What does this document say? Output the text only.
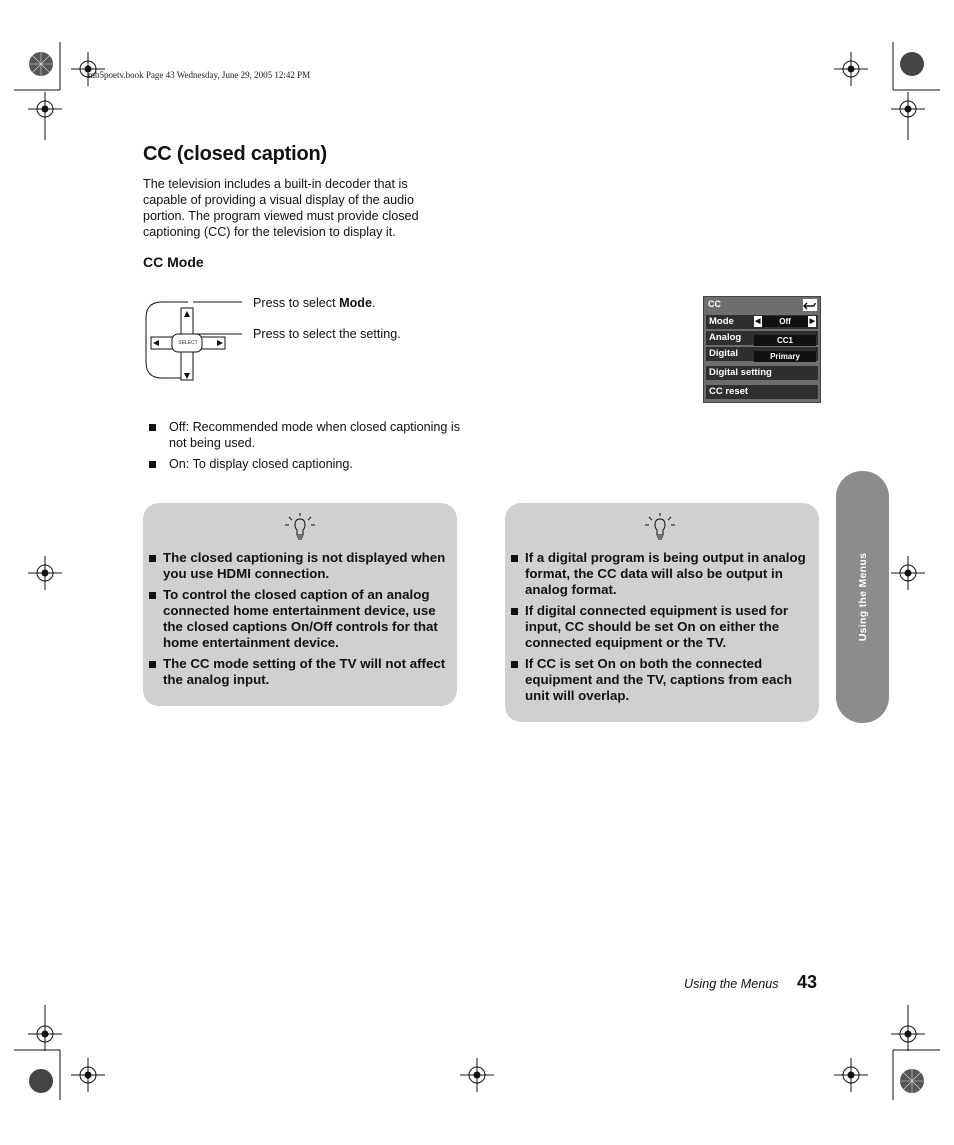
mb5poetv.book Page 43 Wednesday, June 29, 2005 12:42 PM
CC (closed caption)

The television includes a built-in decoder that is capable of providing a visual display of the audio portion. The program viewed must provide closed captioning (CC) for the television to display it.

CC Mode
SELECT
Press to select Mode.
Press to select the setting.
CC
Mode	◀ Off	▶
Analog	CC1
Digital	Primary
Digital setting
CC reset
Off: Recommended mode when closed captioning is not being used.
On: To display closed captioning.
The closed captioning is not displayed when you use HDMI connection.
To control the closed caption of an analog connected home entertainment device, use the closed captions On/Off controls for that home entertainment device.
The CC mode setting of the TV will not affect the analog input.
If a digital program is being output in analog format, the CC data will also be output in analog format.
If digital connected equipment is used for input, CC should be set On on either the connected equipment or the TV.
If CC is set On on both the connected equipment and the TV, captions from each unit will overlap.
Using the Menus
Using the Menus 43
